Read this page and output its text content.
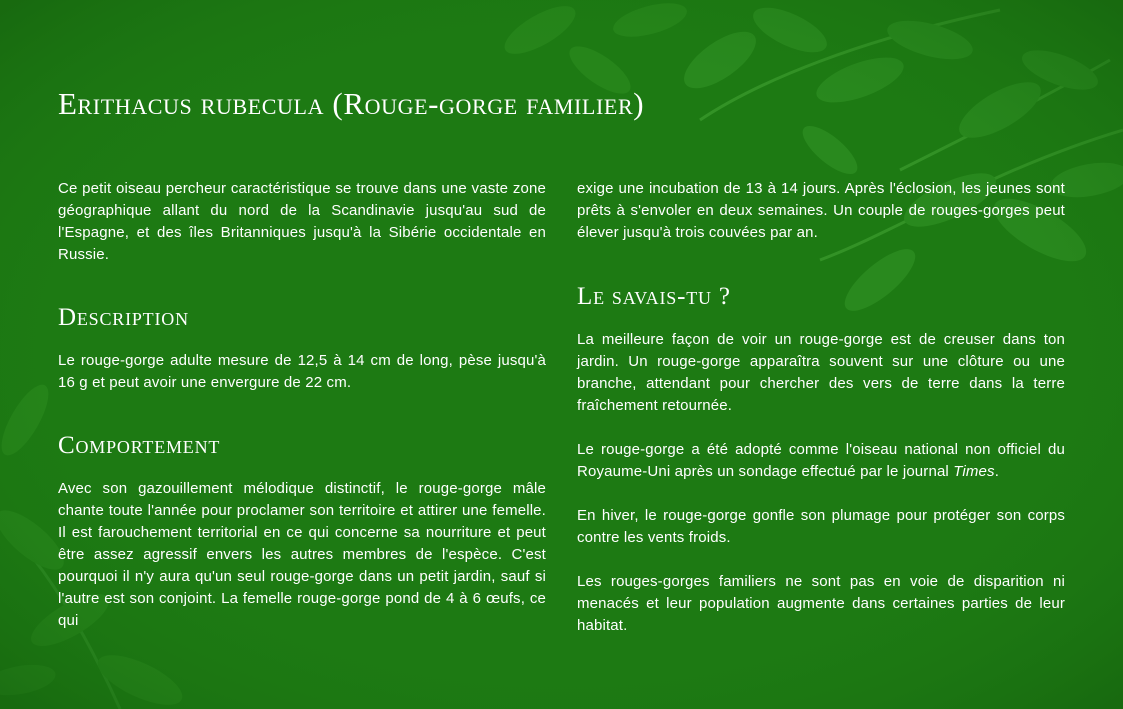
Erithacus rubecula (Rouge-gorge familier)

Ce petit oiseau percheur caractéristique se trouve dans une vaste zone géographique allant du nord de la Scandinavie jusqu'au sud de l'Espagne, et des îles Britanniques jusqu'à la Sibérie occidentale en Russie.

Description

Le rouge-gorge adulte mesure de 12,5 à 14 cm de long, pèse jusqu'à 16 g et peut avoir une envergure de 22 cm.

Comportement

Avec son gazouillement mélodique distinctif, le rouge-gorge mâle chante toute l'année pour proclamer son territoire et attirer une femelle. Il est farouchement territorial en ce qui concerne sa nourriture et peut être assez agressif envers les autres membres de l'espèce. C'est pourquoi il n'y aura qu'un seul rouge-gorge dans un petit jardin, sauf si l'autre est son conjoint. La femelle rouge-gorge pond de 4 à 6 œufs, ce qui

exige une incubation de 13 à 14 jours. Après l'éclosion, les jeunes sont prêts à s'envoler en deux semaines. Un couple de rouges-gorges peut élever jusqu'à trois couvées par an.

Le savais-tu ?

La meilleure façon de voir un rouge-gorge est de creuser dans ton jardin. Un rouge-gorge apparaîtra souvent sur une clôture ou une branche, attendant pour chercher des vers de terre dans la terre fraîchement retournée.

Le rouge-gorge a été adopté comme l'oiseau national non officiel du Royaume-Uni après un sondage effectué par le journal Times.

En hiver, le rouge-gorge gonfle son plumage pour protéger son corps contre les vents froids.

Les rouges-gorges familiers ne sont pas en voie de disparition ni menacés et leur population augmente dans certaines parties de leur habitat.
